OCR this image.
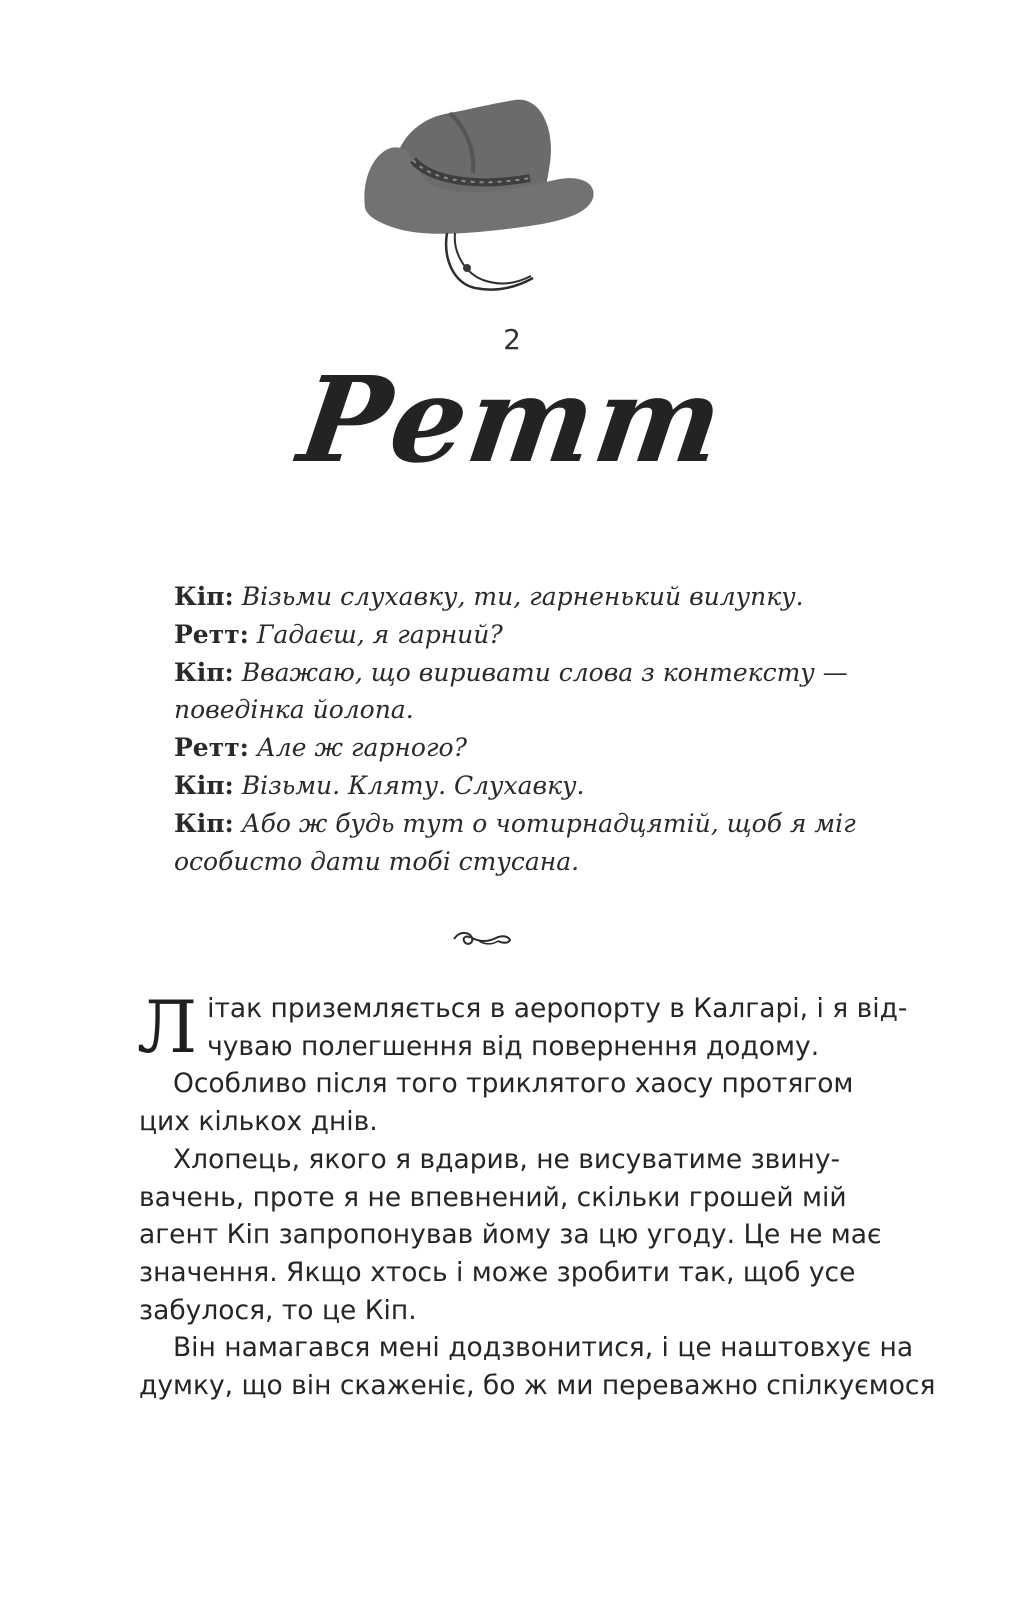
2
Ретт
Кіп: Візьми слухавку, ти, гарненький вилупку.
Ретт: Гадаєш, я гарний?
Кіп: Вважаю, що виривати слова з контексту —
поведінка йолопа.
Ретт: Але ж гарного?
Кіп: Візьми. Кляту. Слухавку.
Кіп: Або ж будь тут о чотирнадцятій, щоб я міг
особисто дати тобі стусана.

Л ітак приземляється в аеропорту в Калгарі, і я від-
чуваю полегшення від повернення додому.

Особливо після того триклятого хаосу протягом
цих кількох днів.

Хлопець, якого я вдарив, не висуватиме звину-
вачень, проте я не впевнений, скільки грошей мій
агент Кіп запропонував йому за цю угоду. Це не має
значення. Якщо хтось і може зробити так, щоб усе
забулося, то це Кіп.

Він намагався мені додзвонитися, і це наштовхує на
думку, що він скаженіє, бо ж ми переважно спілкуємося
